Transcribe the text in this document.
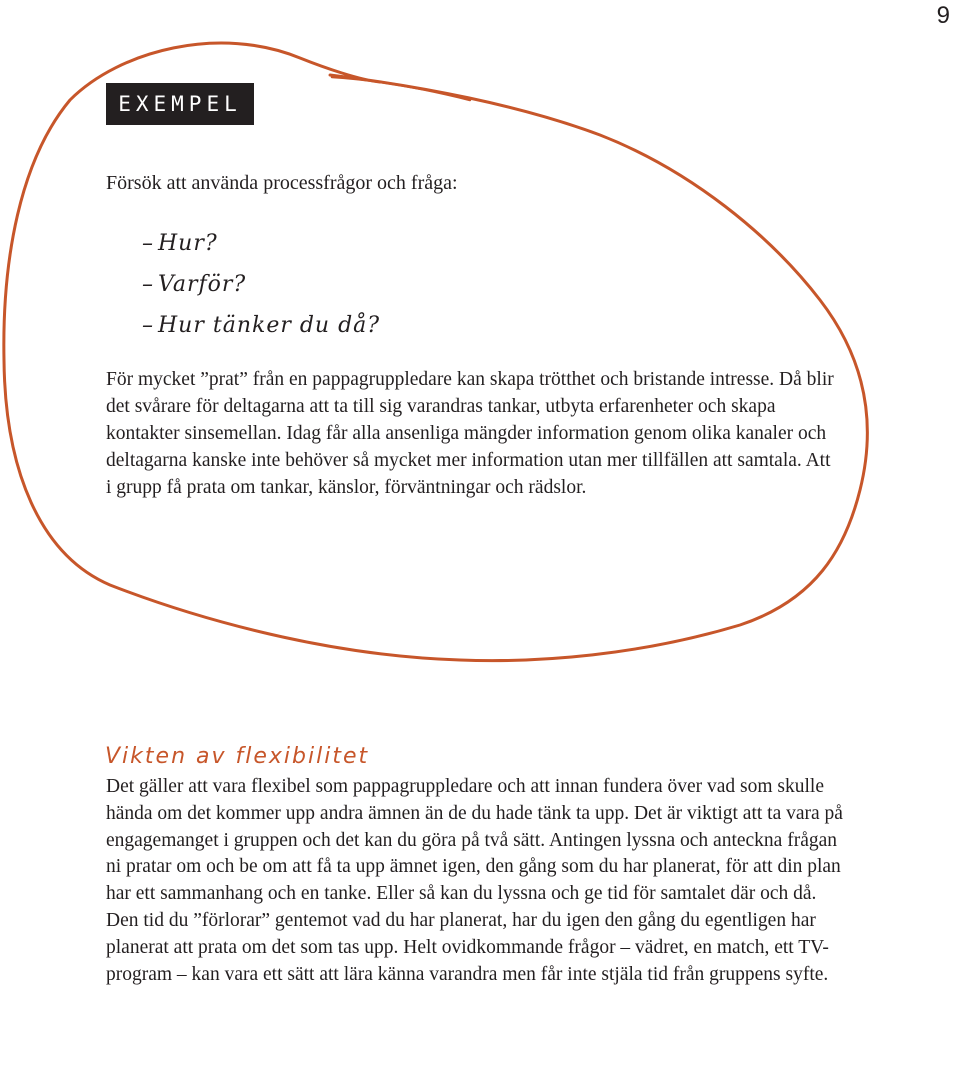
9
EXEMPEL
Försök att använda processfrågor och fråga:
– Hur?
– Varför?
– Hur tänker du då?

För mycket ”prat” från en pappagruppledare kan skapa trötthet och bristande intresse. Då blir det svårare för deltagarna att ta till sig varandras tankar, utbyta erfarenheter och skapa kontakter sinsemellan. Idag får alla ansenliga mängder information genom olika kanaler och deltagarna kanske inte behöver så mycket mer information utan mer tillfällen att samtala. Att i grupp få prata om tankar, känslor, förväntningar och rädslor.

Vikten av flexibilitet

Det gäller att vara flexibel som pappagruppledare och att innan fundera över vad som skulle hända om det kommer upp andra ämnen än de du hade tänk ta upp. Det är viktigt att ta vara på engagemanget i gruppen och det kan du göra på två sätt. Antingen lyssna och anteckna frågan ni pratar om och be om att få ta upp ämnet igen, den gång som du har planerat, för att din plan har ett sammanhang och en tanke. Eller så kan du lyssna och ge tid för samtalet där och då. Den tid du ”förlorar” gentemot vad du har planerat, har du igen den gång du egentligen har planerat att prata om det som tas upp. Helt ovidkommande frågor – vädret, en match, ett TV-program – kan vara ett sätt att lära känna varandra men får inte stjäla tid från gruppens syfte.
